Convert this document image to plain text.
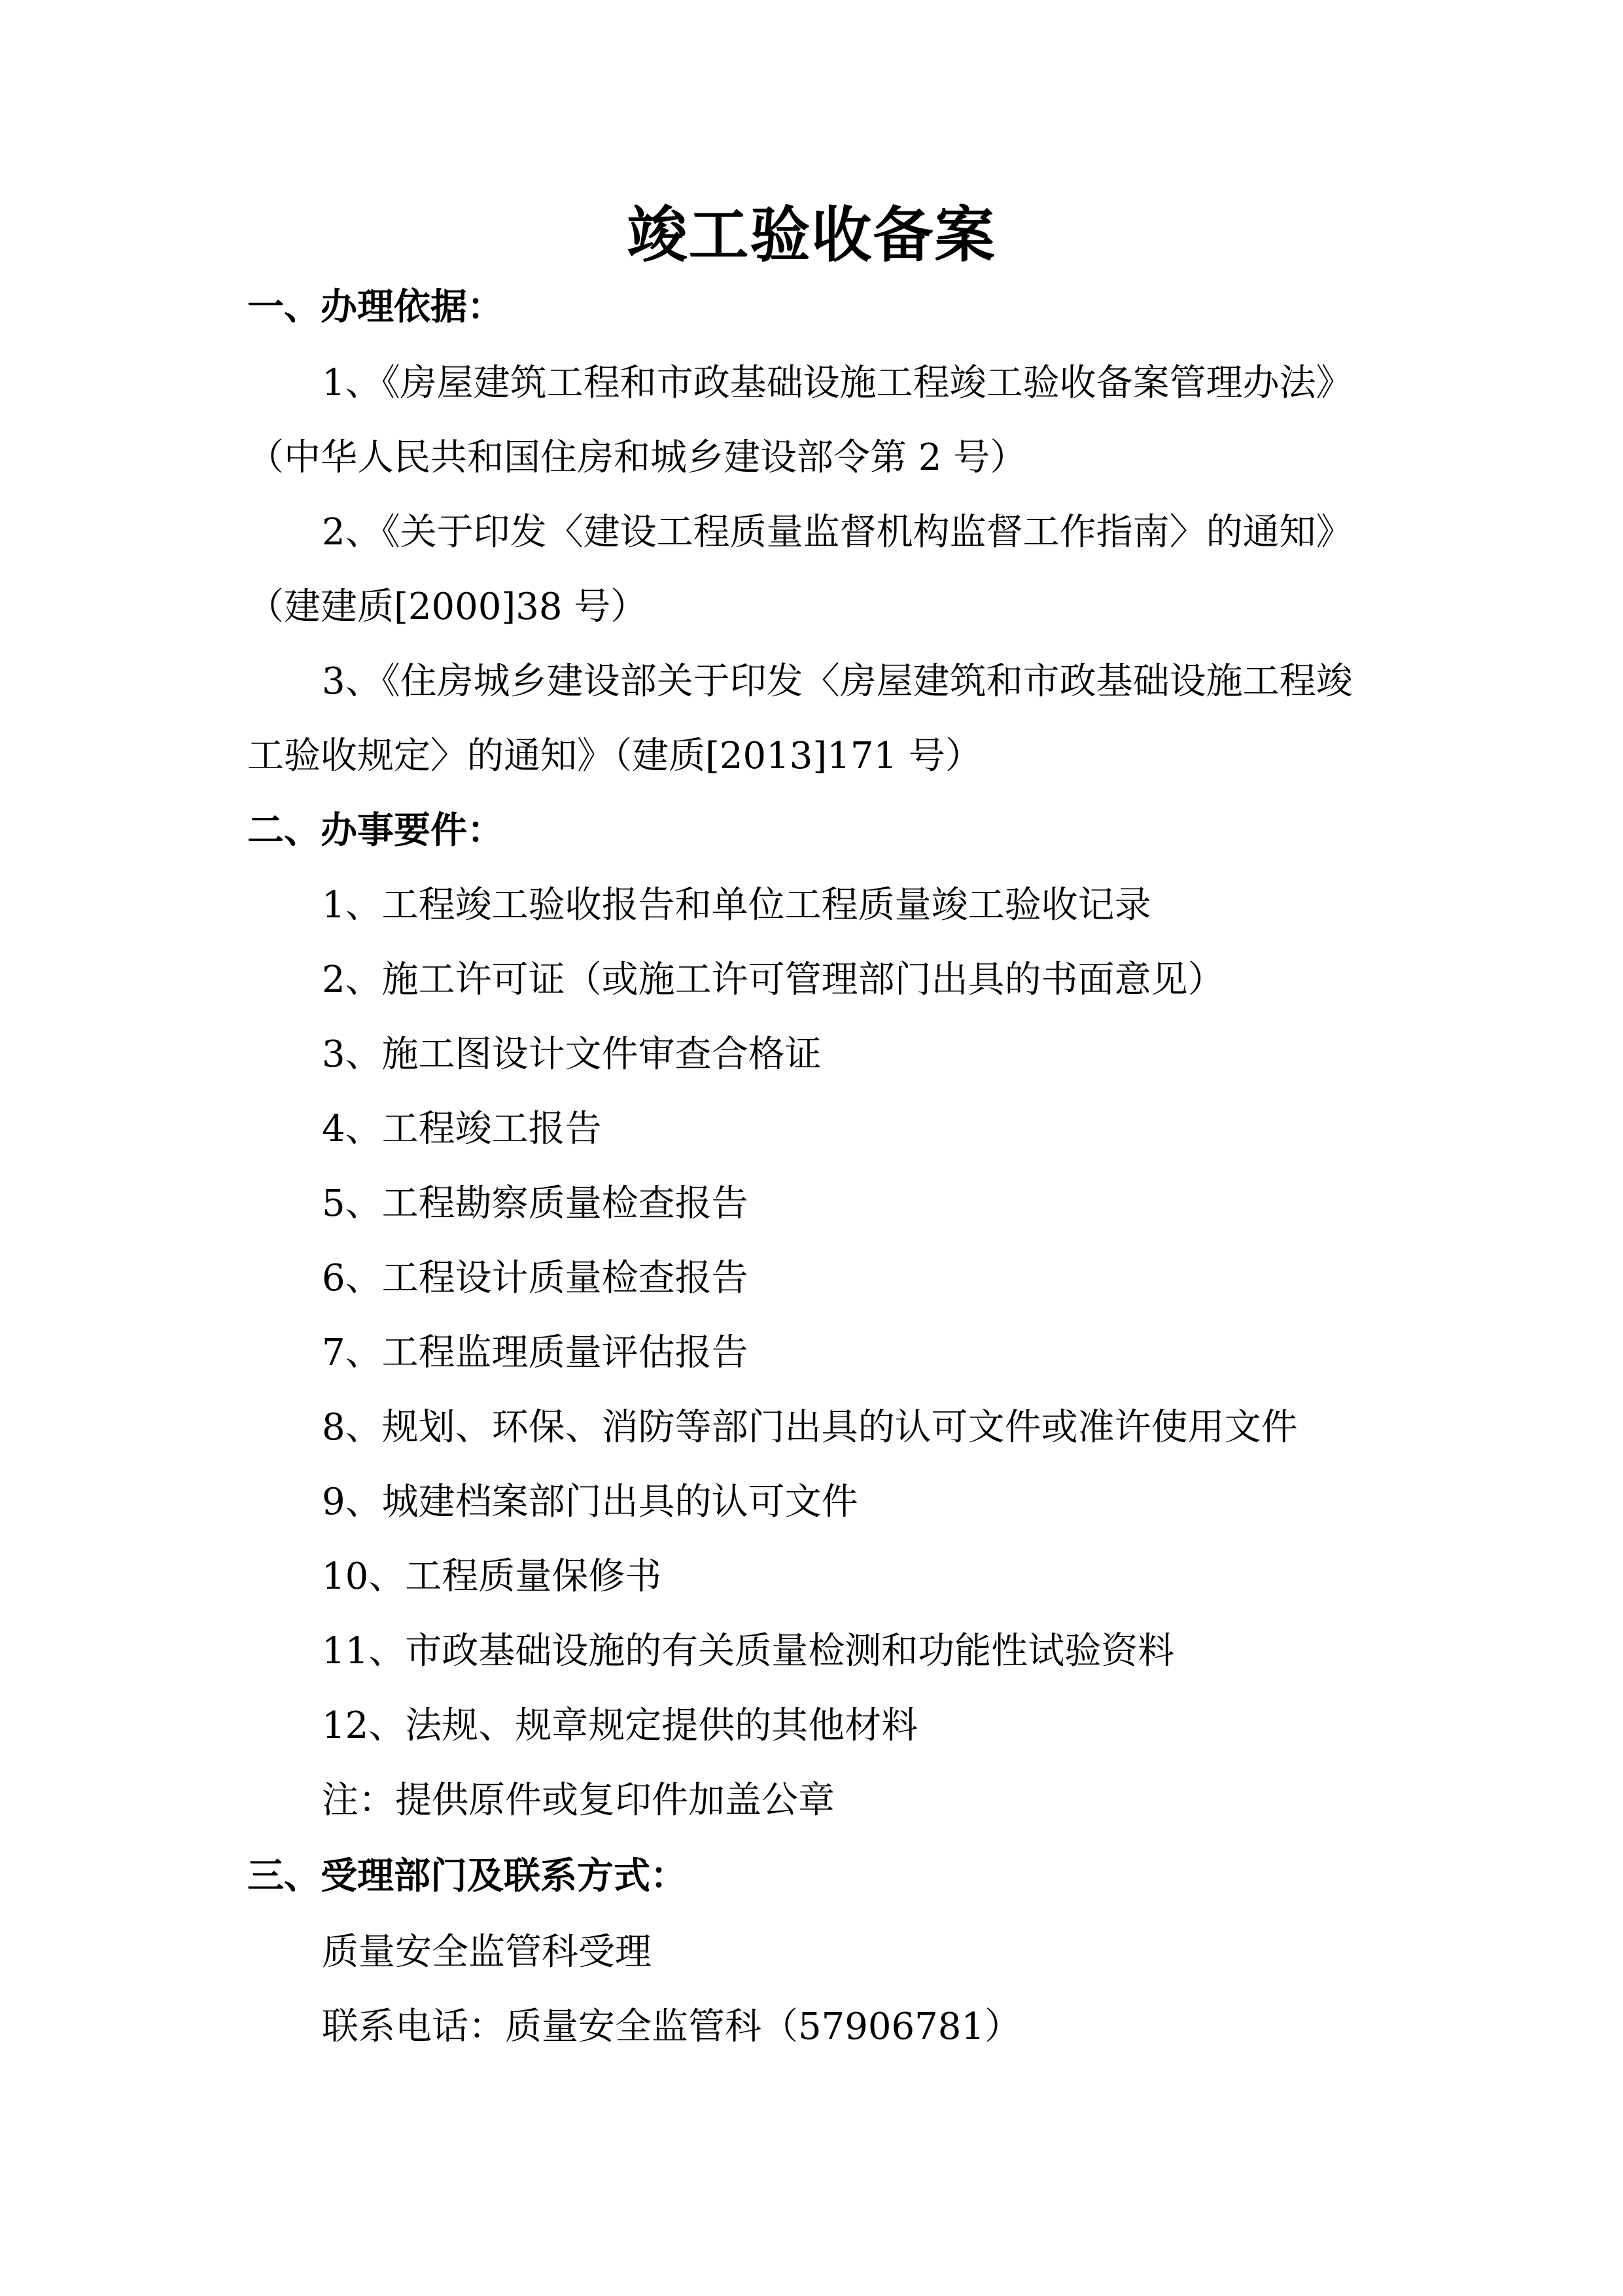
竣工验收备案
一、办理依据：
1、《房屋建筑工程和市政基础设施工程竣工验收备案管理办法》
（中华人民共和国住房和城乡建设部令第 2 号）
2、《关于印发〈建设工程质量监督机构监督工作指南〉的通知》
（建建质[2000]38 号）
3、《住房城乡建设部关于印发〈房屋建筑和市政基础设施工程竣
工验收规定〉的通知》（建质[2013]171 号）
二、办事要件：
1、工程竣工验收报告和单位工程质量竣工验收记录
2、施工许可证（或施工许可管理部门出具的书面意见）
3、施工图设计文件审查合格证
4、工程竣工报告
5、工程勘察质量检查报告
6、工程设计质量检查报告
7、工程监理质量评估报告
8、规划、环保、消防等部门出具的认可文件或准许使用文件
9、城建档案部门出具的认可文件
10、工程质量保修书
11、市政基础设施的有关质量检测和功能性试验资料
12、法规、规章规定提供的其他材料
注：提供原件或复印件加盖公章
三、受理部门及联系方式：
质量安全监管科受理
联系电话：质量安全监管科（57906781）
